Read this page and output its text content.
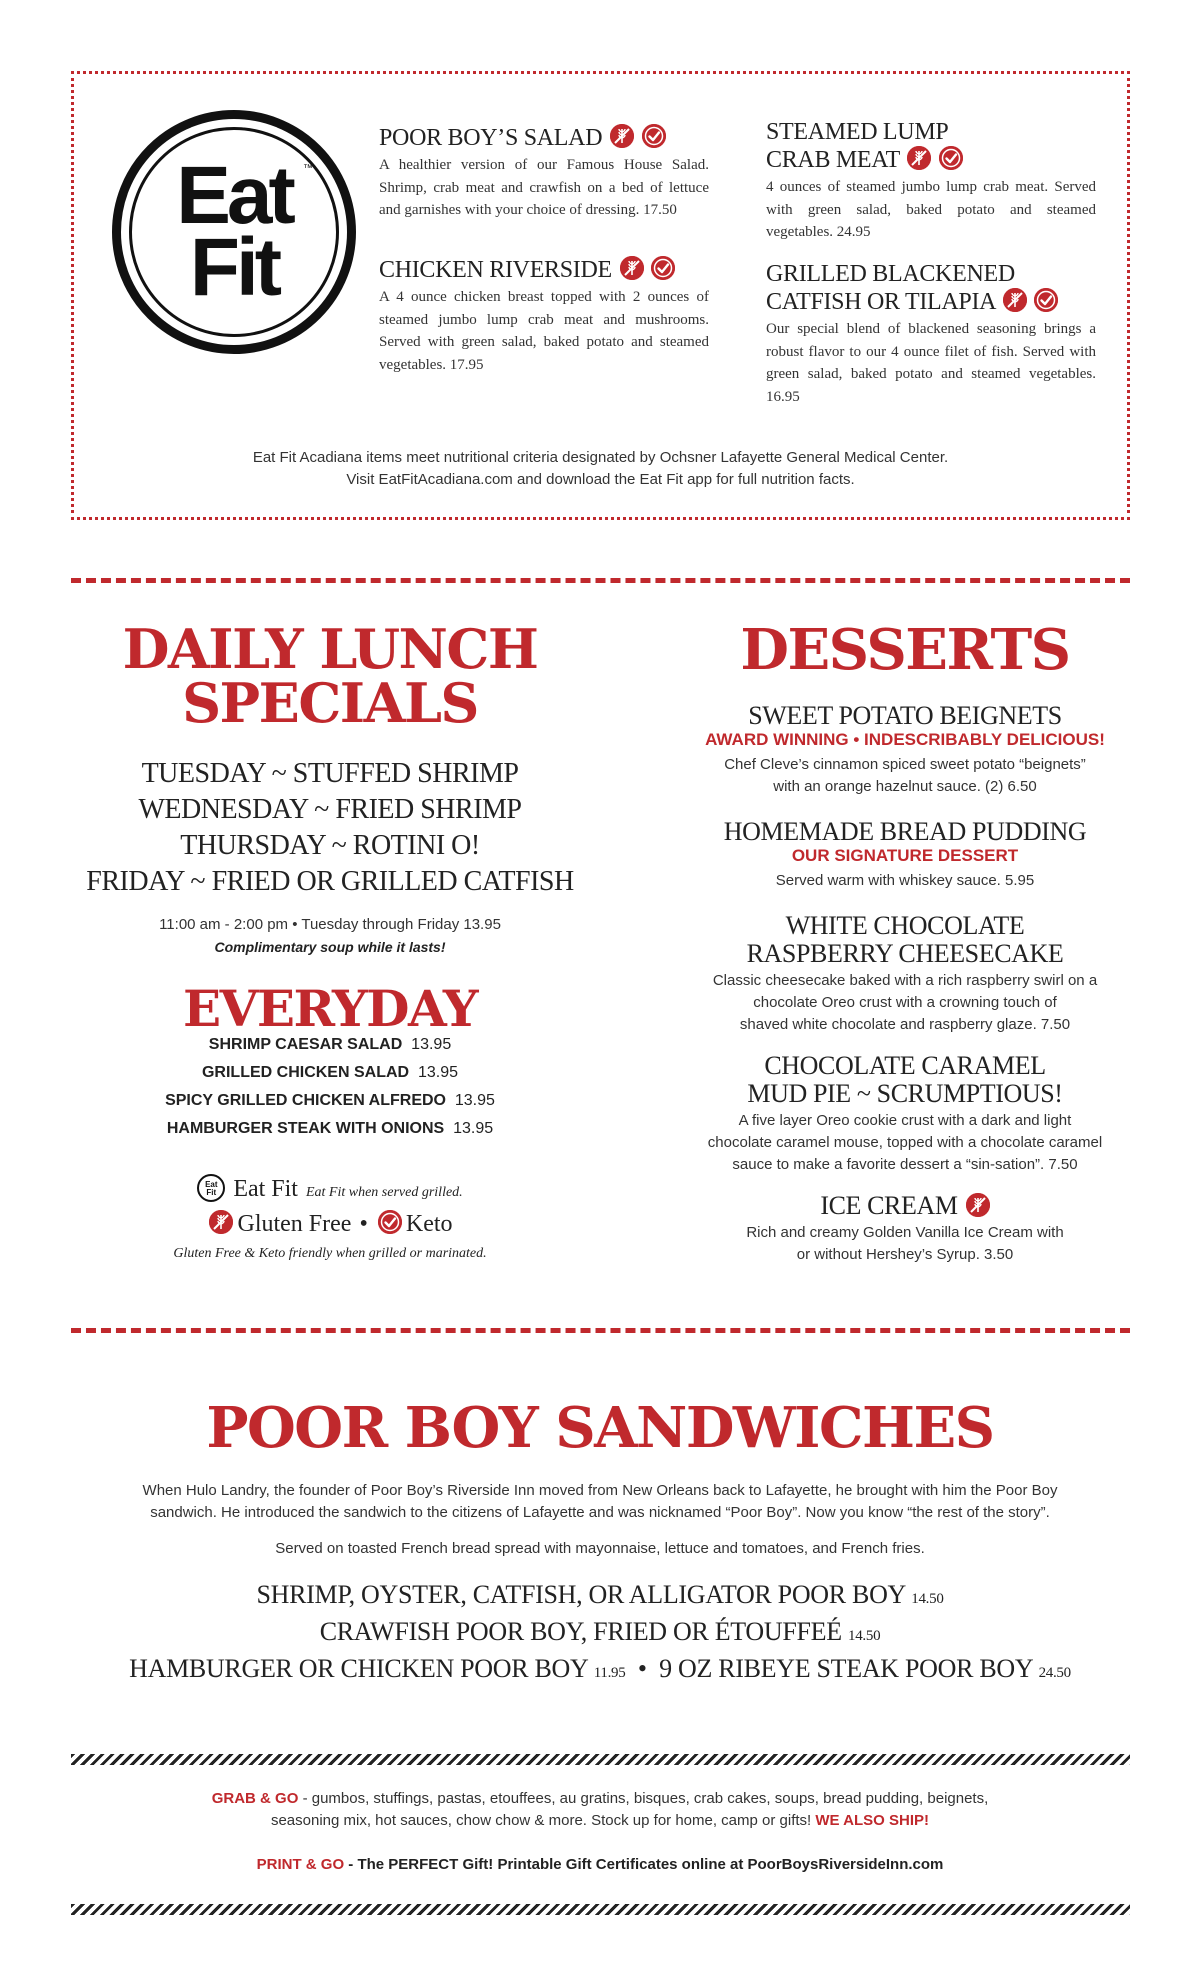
Eat
Fit
™
POOR BOY’S SALAD

A healthier version of our Famous House Salad. Shrimp, crab meat and crawfish on a bed of lettuce and garnishes with your choice of dressing. 17.50
CHICKEN RIVERSIDE

A 4 ounce chicken breast topped with 2 ounces of steamed jumbo lump crab meat and mushrooms. Served with green salad, baked potato and steamed vegetables. 17.95
STEAMED LUMP
CRAB MEAT

4 ounces of steamed jumbo lump crab meat. Served with green salad, baked potato and steamed vegetables. 24.95
GRILLED BLACKENED
CATFISH OR TILAPIA

Our special blend of blackened seasoning brings a robust flavor to our 4 ounce filet of fish. Served with green salad, baked potato and steamed vegetables. 16.95
Eat Fit Acadiana items meet nutritional criteria designated by Ochsner Lafayette General Medical Center.
Visit EatFitAcadiana.com and download the Eat Fit app for full nutrition facts.
DAILY LUNCH
SPECIALS
TUESDAY ~ STUFFED SHRIMP
WEDNESDAY ~ FRIED SHRIMP
THURSDAY ~ ROTINI O!
FRIDAY ~ FRIED OR GRILLED CATFISH
11:00 am - 2:00 pm • Tuesday through Friday 13.95
Complimentary soup while it lasts!
EVERYDAY
SHRIMP CAESAR SALAD 13.95
GRILLED CHICKEN SALAD 13.95
SPICY GRILLED CHICKEN ALFREDO 13.95
HAMBURGER STEAK WITH ONIONS 13.95
Eat
Fit Eat Fit Eat Fit when served grilled.
Gluten Free • Keto
Gluten Free & Keto friendly when grilled or marinated.
DESSERTS
SWEET POTATO BEIGNETS
AWARD WINNING • INDESCRIBABLY DELICIOUS!
Chef Cleve’s cinnamon spiced sweet potato “beignets”
with an orange hazelnut sauce. (2) 6.50
HOMEMADE BREAD PUDDING
OUR SIGNATURE DESSERT
Served warm with whiskey sauce. 5.95
WHITE CHOCOLATE
RASPBERRY CHEESECAKE
Classic cheesecake baked with a rich raspberry swirl on a
chocolate Oreo crust with a crowning touch of
shaved white chocolate and raspberry glaze. 7.50
CHOCOLATE CARAMEL
MUD PIE ~ SCRUMPTIOUS!
A five layer Oreo cookie crust with a dark and light
chocolate caramel mouse, topped with a chocolate caramel
sauce to make a favorite dessert a “sin-sation”. 7.50
ICE CREAM
Rich and creamy Golden Vanilla Ice Cream with
or without Hershey’s Syrup. 3.50
POOR BOY SANDWICHES
When Hulo Landry, the founder of Poor Boy’s Riverside Inn moved from New Orleans back to Lafayette, he brought with him the Poor Boy
sandwich. He introduced the sandwich to the citizens of Lafayette and was nicknamed “Poor Boy”. Now you know “the rest of the story”.
Served on toasted French bread spread with mayonnaise, lettuce and tomatoes, and French fries.
SHRIMP, OYSTER, CATFISH, OR ALLIGATOR POOR BOY 14.50
CRAWFISH POOR BOY, FRIED OR ÉTOUFFEÉ 14.50
HAMBURGER OR CHICKEN POOR BOY 11.95 • 9 OZ RIBEYE STEAK POOR BOY 24.50
GRAB & GO - gumbos, stuffings, pastas, etouffees, au gratins, bisques, crab cakes, soups, bread pudding, beignets,
seasoning mix, hot sauces, chow chow & more. Stock up for home, camp or gifts! WE ALSO SHIP!
PRINT & GO - The PERFECT Gift! Printable Gift Certificates online at PoorBoysRiversideInn.com
